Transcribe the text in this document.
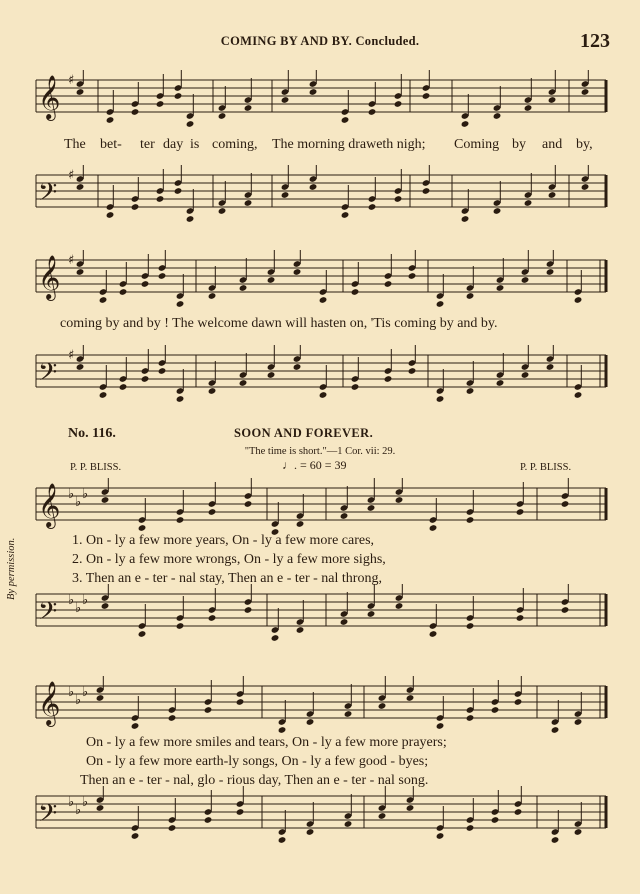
COMING BY AND BY. Concluded.	123
𝄞 ♯
The bet- ter day is coming, The morning draweth nigh; Coming by and by,
𝄢
♯
𝄞 ♯
coming by and by ! The welcome dawn will hasten on, 'Tis coming by and by.
𝄢
♯
No. 116.	SOON AND FOREVER.
"The time is short."—1 Cor. vii: 29.
♩. = 60 = 39
P. P. BLISS.	P. P. BLISS.
By permission.
𝄞 ♭
♭
♭
1. On - ly a few more years, On - ly a few more cares,
2. On - ly a few more wrongs, On - ly a few more sighs,
3. Then an e - ter - nal stay, Then an e - ter - nal throng,
𝄢 ♭
♭
♭
𝄞 ♭
♭
♭
On - ly a few more smiles and tears, On - ly a few more prayers;
On - ly a few more earth-ly songs, On - ly a few good - byes;
Then an e - ter - nal, glo - rious day, Then an e - ter - nal song.
𝄢 ♭
♭
♭
